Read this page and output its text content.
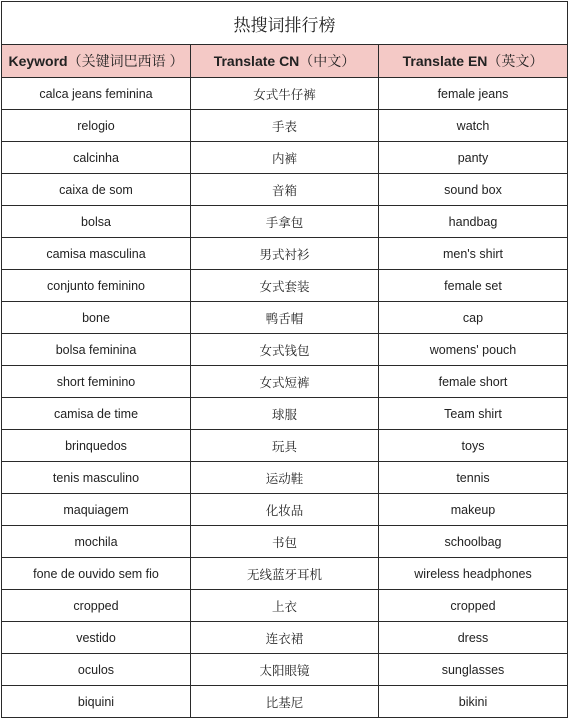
热搜词排行榜		
Keyword（关键词巴西语 ）	Translate CN（中文）	Translate EN（英文）
calca jeans feminina	女式牛仔裤	female jeans
relogio	手表	watch
calcinha	内裤	panty
caixa de som	音箱	sound box
bolsa	手拿包	handbag
camisa masculina	男式衬衫	men's shirt
conjunto feminino	女式套装	female set
bone	鸭舌帽	cap
bolsa feminina	女式钱包	womens' pouch
short feminino	女式短裤	female short
camisa de time	球服	Team shirt
brinquedos	玩具	toys
tenis masculino	运动鞋	tennis
maquiagem	化妆品	makeup
mochila	书包	schoolbag
fone de ouvido sem fio	无线蓝牙耳机	wireless headphones
cropped	上衣	cropped
vestido	连衣裙	dress
oculos	太阳眼镜	sunglasses
biquini	比基尼	bikini
